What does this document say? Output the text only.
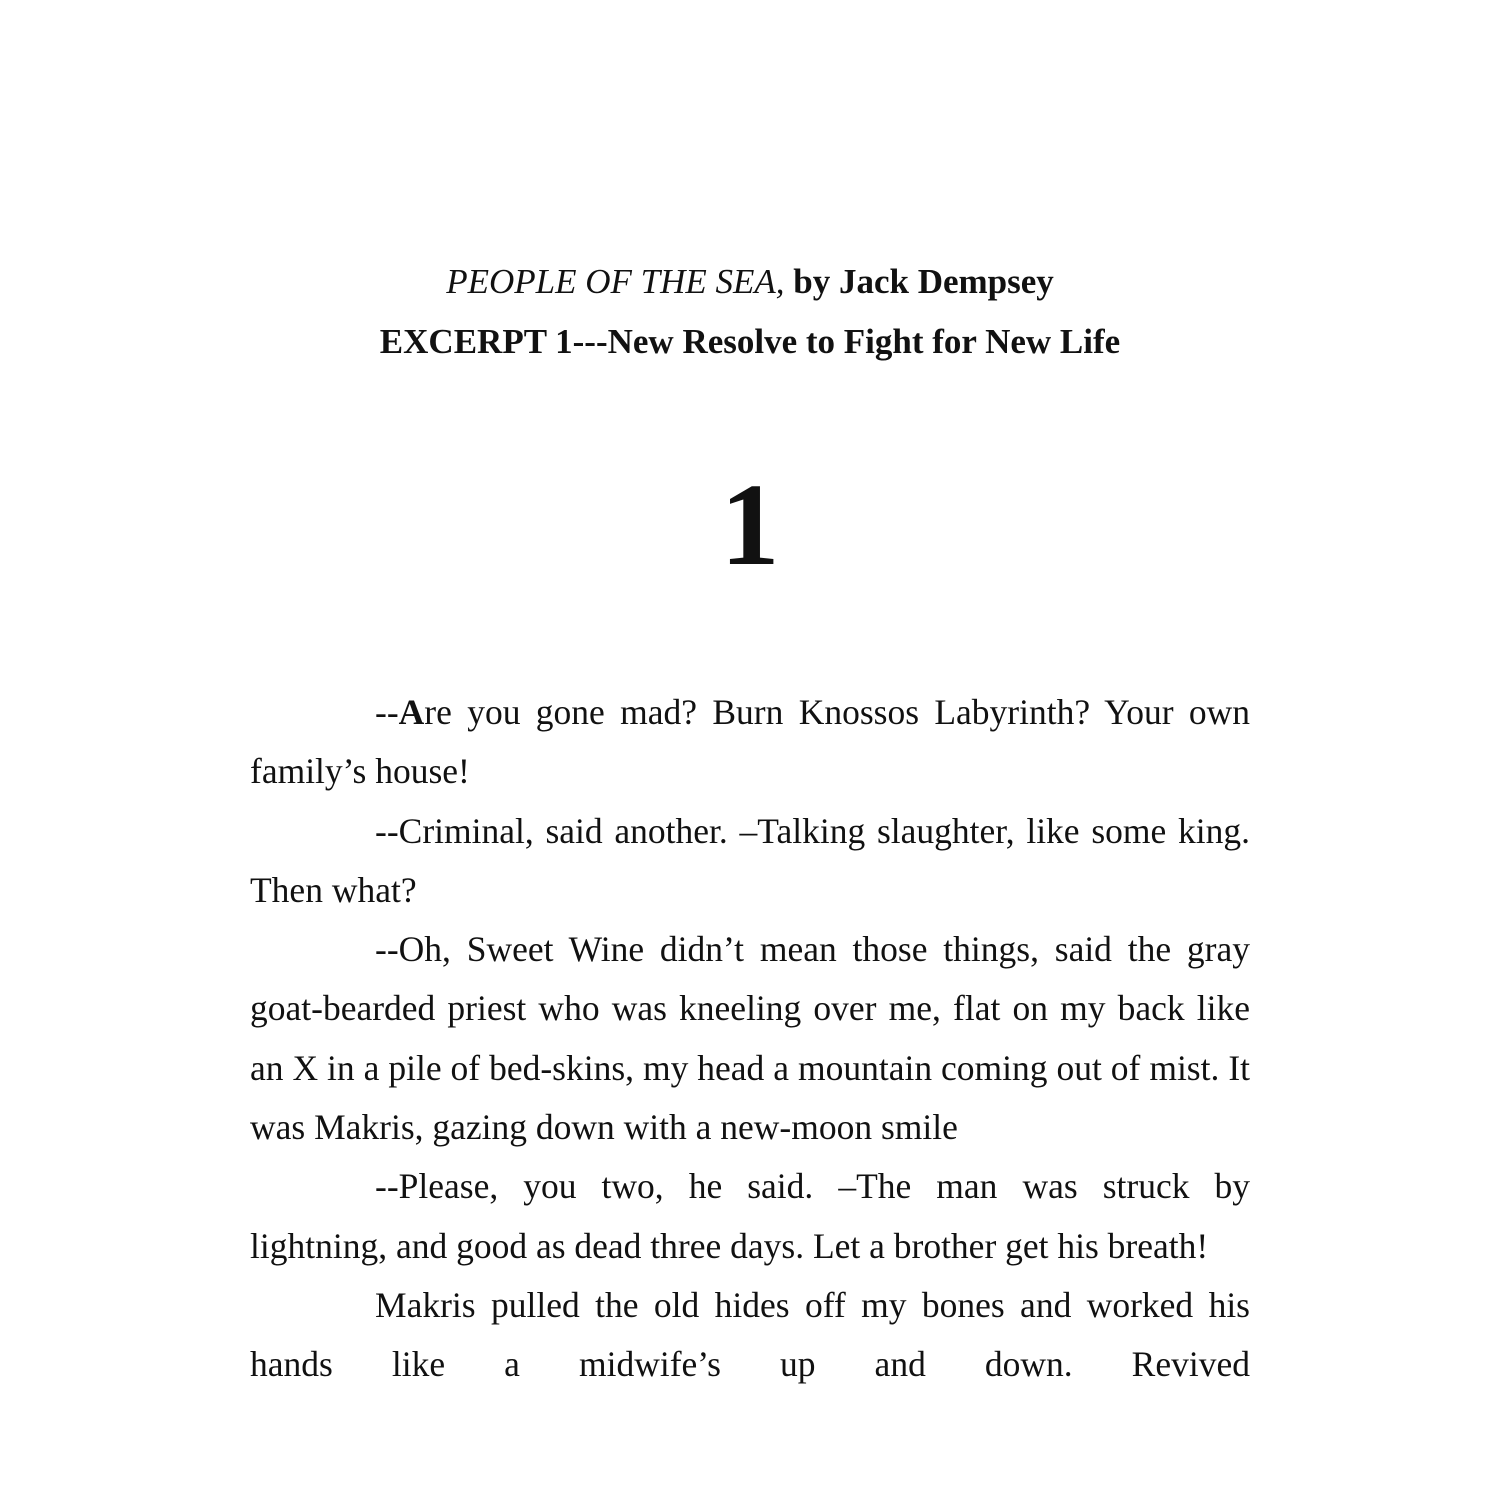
PEOPLE OF THE SEA, by Jack Dempsey
EXCERPT 1---New Resolve to Fight for New Life
1

--Are you gone mad? Burn Knossos Labyrinth? Your own family’s house!

--Criminal, said another. –Talking slaughter, like some king. Then what?

--Oh, Sweet Wine didn’t mean those things, said the gray goat-bearded priest who was kneeling over me, flat on my back like an X in a pile of bed-skins, my head a mountain coming out of mist. It was Makris, gazing down with a new-moon smile

--Please, you two, he said. –The man was struck by lightning, and good as dead three days. Let a brother get his breath!

Makris pulled the old hides off my bones and worked his hands like a midwife’s up and down. Revived
